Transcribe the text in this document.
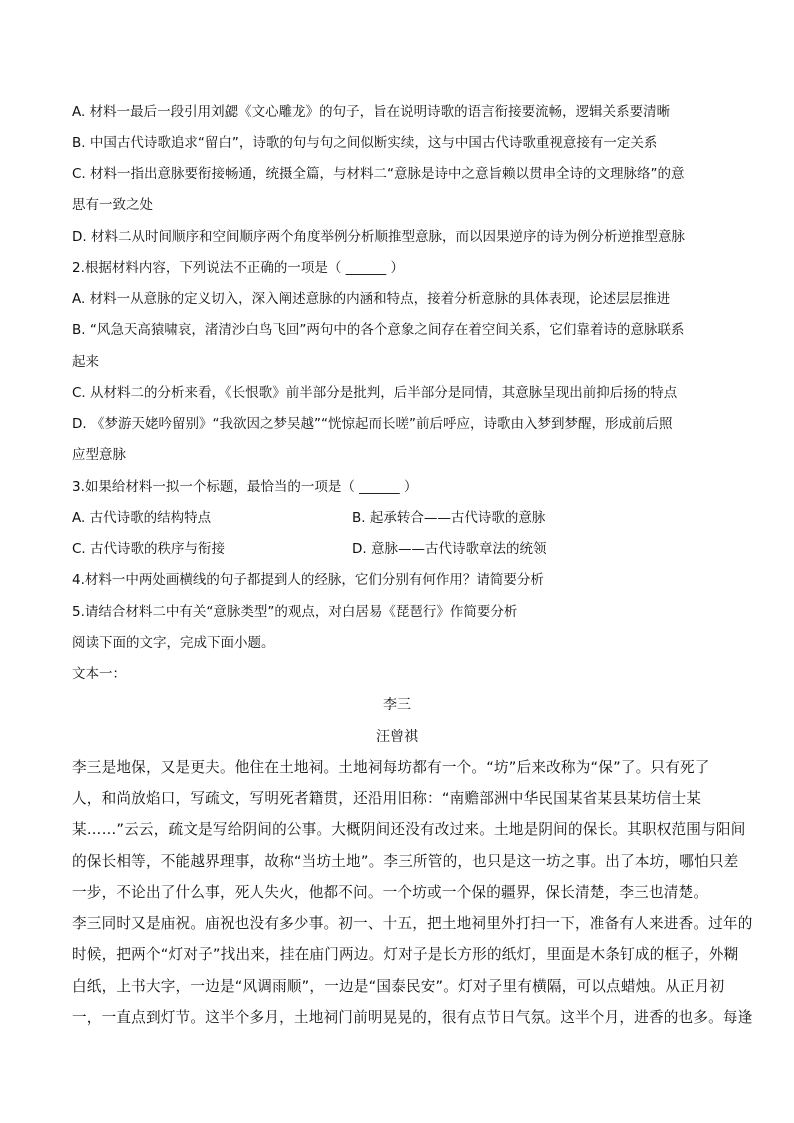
A. 材料一最后一段引用刘勰《文心雕龙》的句子，旨在说明诗歌的语言衔接要流畅，逻辑关系要清晰
B. 中国古代诗歌追求“留白”，诗歌的句与句之间似断实续，这与中国古代诗歌重视意接有一定关系
C. 材料一指出意脉要衔接畅通，统摄全篇，与材料二“意脉是诗中之意旨赖以贯串全诗的文理脉络”的意
思有一致之处
D. 材料二从时间顺序和空间顺序两个角度举例分析顺推型意脉，而以因果逆序的诗为例分析逆推型意脉
2.根据材料内容，下列说法不正确的一项是（ ______ ）
A. 材料一从意脉的定义切入，深入阐述意脉的内涵和特点，接着分析意脉的具体表现，论述层层推进
B. “风急天高猿啸哀，渚清沙白鸟飞回”两句中的各个意象之间存在着空间关系，它们靠着诗的意脉联系
起来
C. 从材料二的分析来看，《长恨歌》前半部分是批判，后半部分是同情，其意脉呈现出前抑后扬的特点
D. 《梦游天姥吟留别》“我欲因之梦吴越”“恍惊起而长嗟”前后呼应，诗歌由入梦到梦醒，形成前后照
应型意脉
3.如果给材料一拟一个标题，最恰当的一项是（ ______ ）
A. 古代诗歌的结构特点	B. 起承转合——古代诗歌的意脉
C. 古代诗歌的秩序与衔接	D. 意脉——古代诗歌章法的统领
4.材料一中两处画横线的句子都提到人的经脉，它们分别有何作用？请简要分析
5.请结合材料二中有关“意脉类型”的观点，对白居易《琵琶行》作简要分析
阅读下面的文字，完成下面小题。
文本一：
李三
汪曾祺
李三是地保，又是更夫。他住在土地祠。土地祠每坊都有一个。“坊”后来改称为“保”了。只有死了
人，和尚放焰口，写疏文，写明死者籍贯，还沿用旧称：“南赡部洲中华民国某省某县某坊信士某
某……”云云，疏文是写给阴间的公事。大概阴间还没有改过来。土地是阴间的保长。其职权范围与阳间
的保长相等，不能越界理事，故称“当坊土地”。李三所管的，也只是这一坊之事。出了本坊，哪怕只差
一步，不论出了什么事，死人失火，他都不问。一个坊或一个保的疆界，保长清楚，李三也清楚。
李三同时又是庙祝。庙祝也没有多少事。初一、十五，把土地祠里外打扫一下，准备有人来进香。过年的
时候，把两个“灯对子”找出来，挂在庙门两边。灯对子是长方形的纸灯，里面是木条钉成的框子，外糊
白纸，上书大字，一边是“风调雨顺”，一边是“国泰民安”。灯对子里有横隔，可以点蜡烛。从正月初
一，一直点到灯节。这半个多月，土地祠门前明晃晃的，很有点节日气氛。这半个月，进香的也多。每逢
